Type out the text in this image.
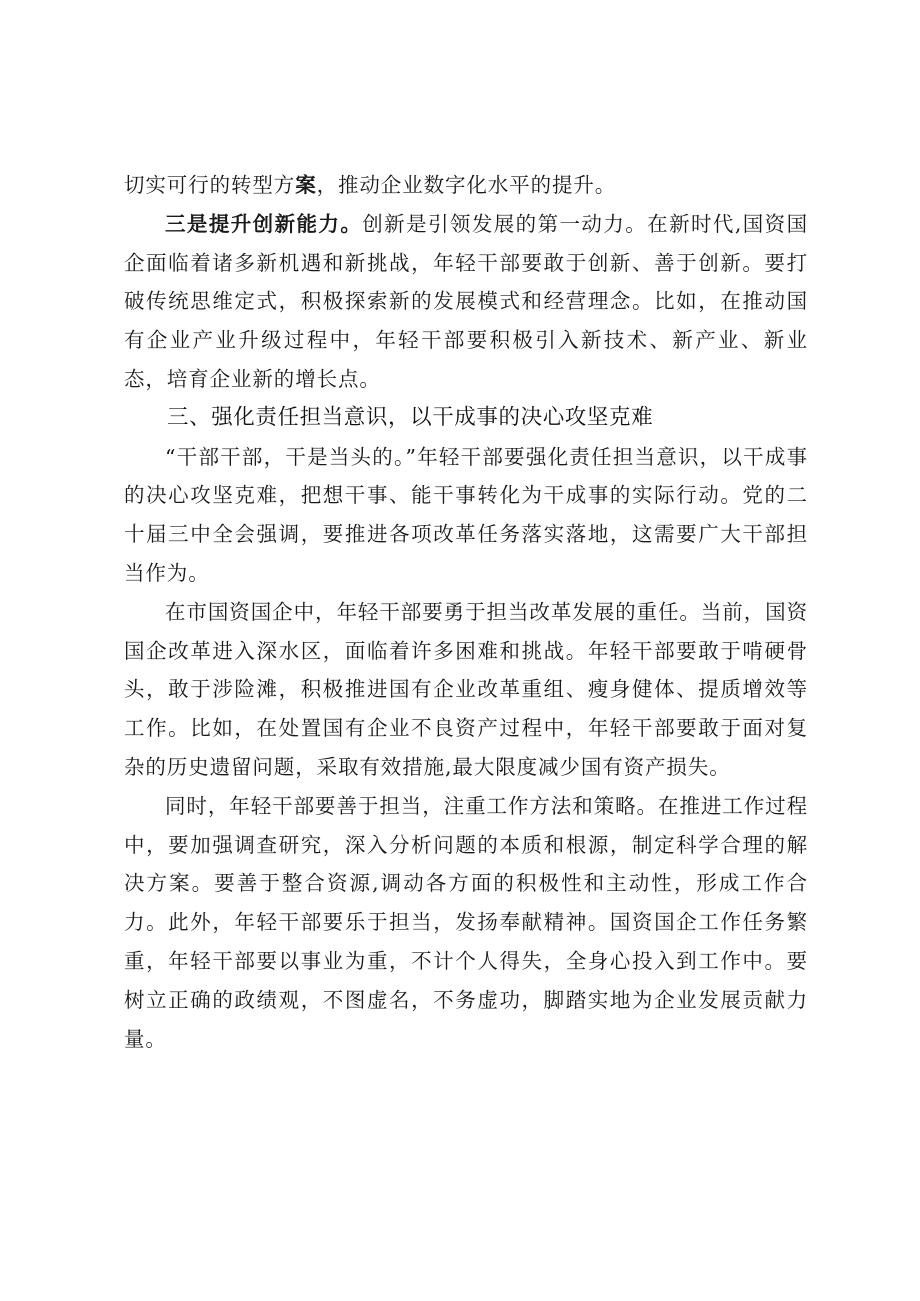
切实可行的转型方案，推动企业数字化水平的提升。

三是提升创新能力。创新是引领发展的第一动力。在新时代,国资国企面临着诸多新机遇和新挑战，年轻干部要敢于创新、善于创新。要打破传统思维定式，积极探索新的发展模式和经营理念。比如，在推动国有企业产业升级过程中，年轻干部要积极引入新技术、新产业、新业态，培育企业新的增长点。

三、强化责任担当意识，以干成事的决心攻坚克难

“干部干部，干是当头的。”年轻干部要强化责任担当意识，以干成事的决心攻坚克难，把想干事、能干事转化为干成事的实际行动。党的二十届三中全会强调，要推进各项改革任务落实落地，这需要广大干部担当作为。

在市国资国企中，年轻干部要勇于担当改革发展的重任。当前，国资国企改革进入深水区，面临着许多困难和挑战。年轻干部要敢于啃硬骨头，敢于涉险滩，积极推进国有企业改革重组、瘦身健体、提质增效等工作。比如，在处置国有企业不良资产过程中，年轻干部要敢于面对复杂的历史遗留问题，采取有效措施,最大限度减少国有资产损失。

同时，年轻干部要善于担当，注重工作方法和策略。在推进工作过程中，要加强调查研究，深入分析问题的本质和根源，制定科学合理的解决方案。要善于整合资源,调动各方面的积极性和主动性，形成工作合力。此外，年轻干部要乐于担当，发扬奉献精神。国资国企工作任务繁重，年轻干部要以事业为重，不计个人得失，全身心投入到工作中。要树立正确的政绩观，不图虚名，不务虚功，脚踏实地为企业发展贡献力量。
